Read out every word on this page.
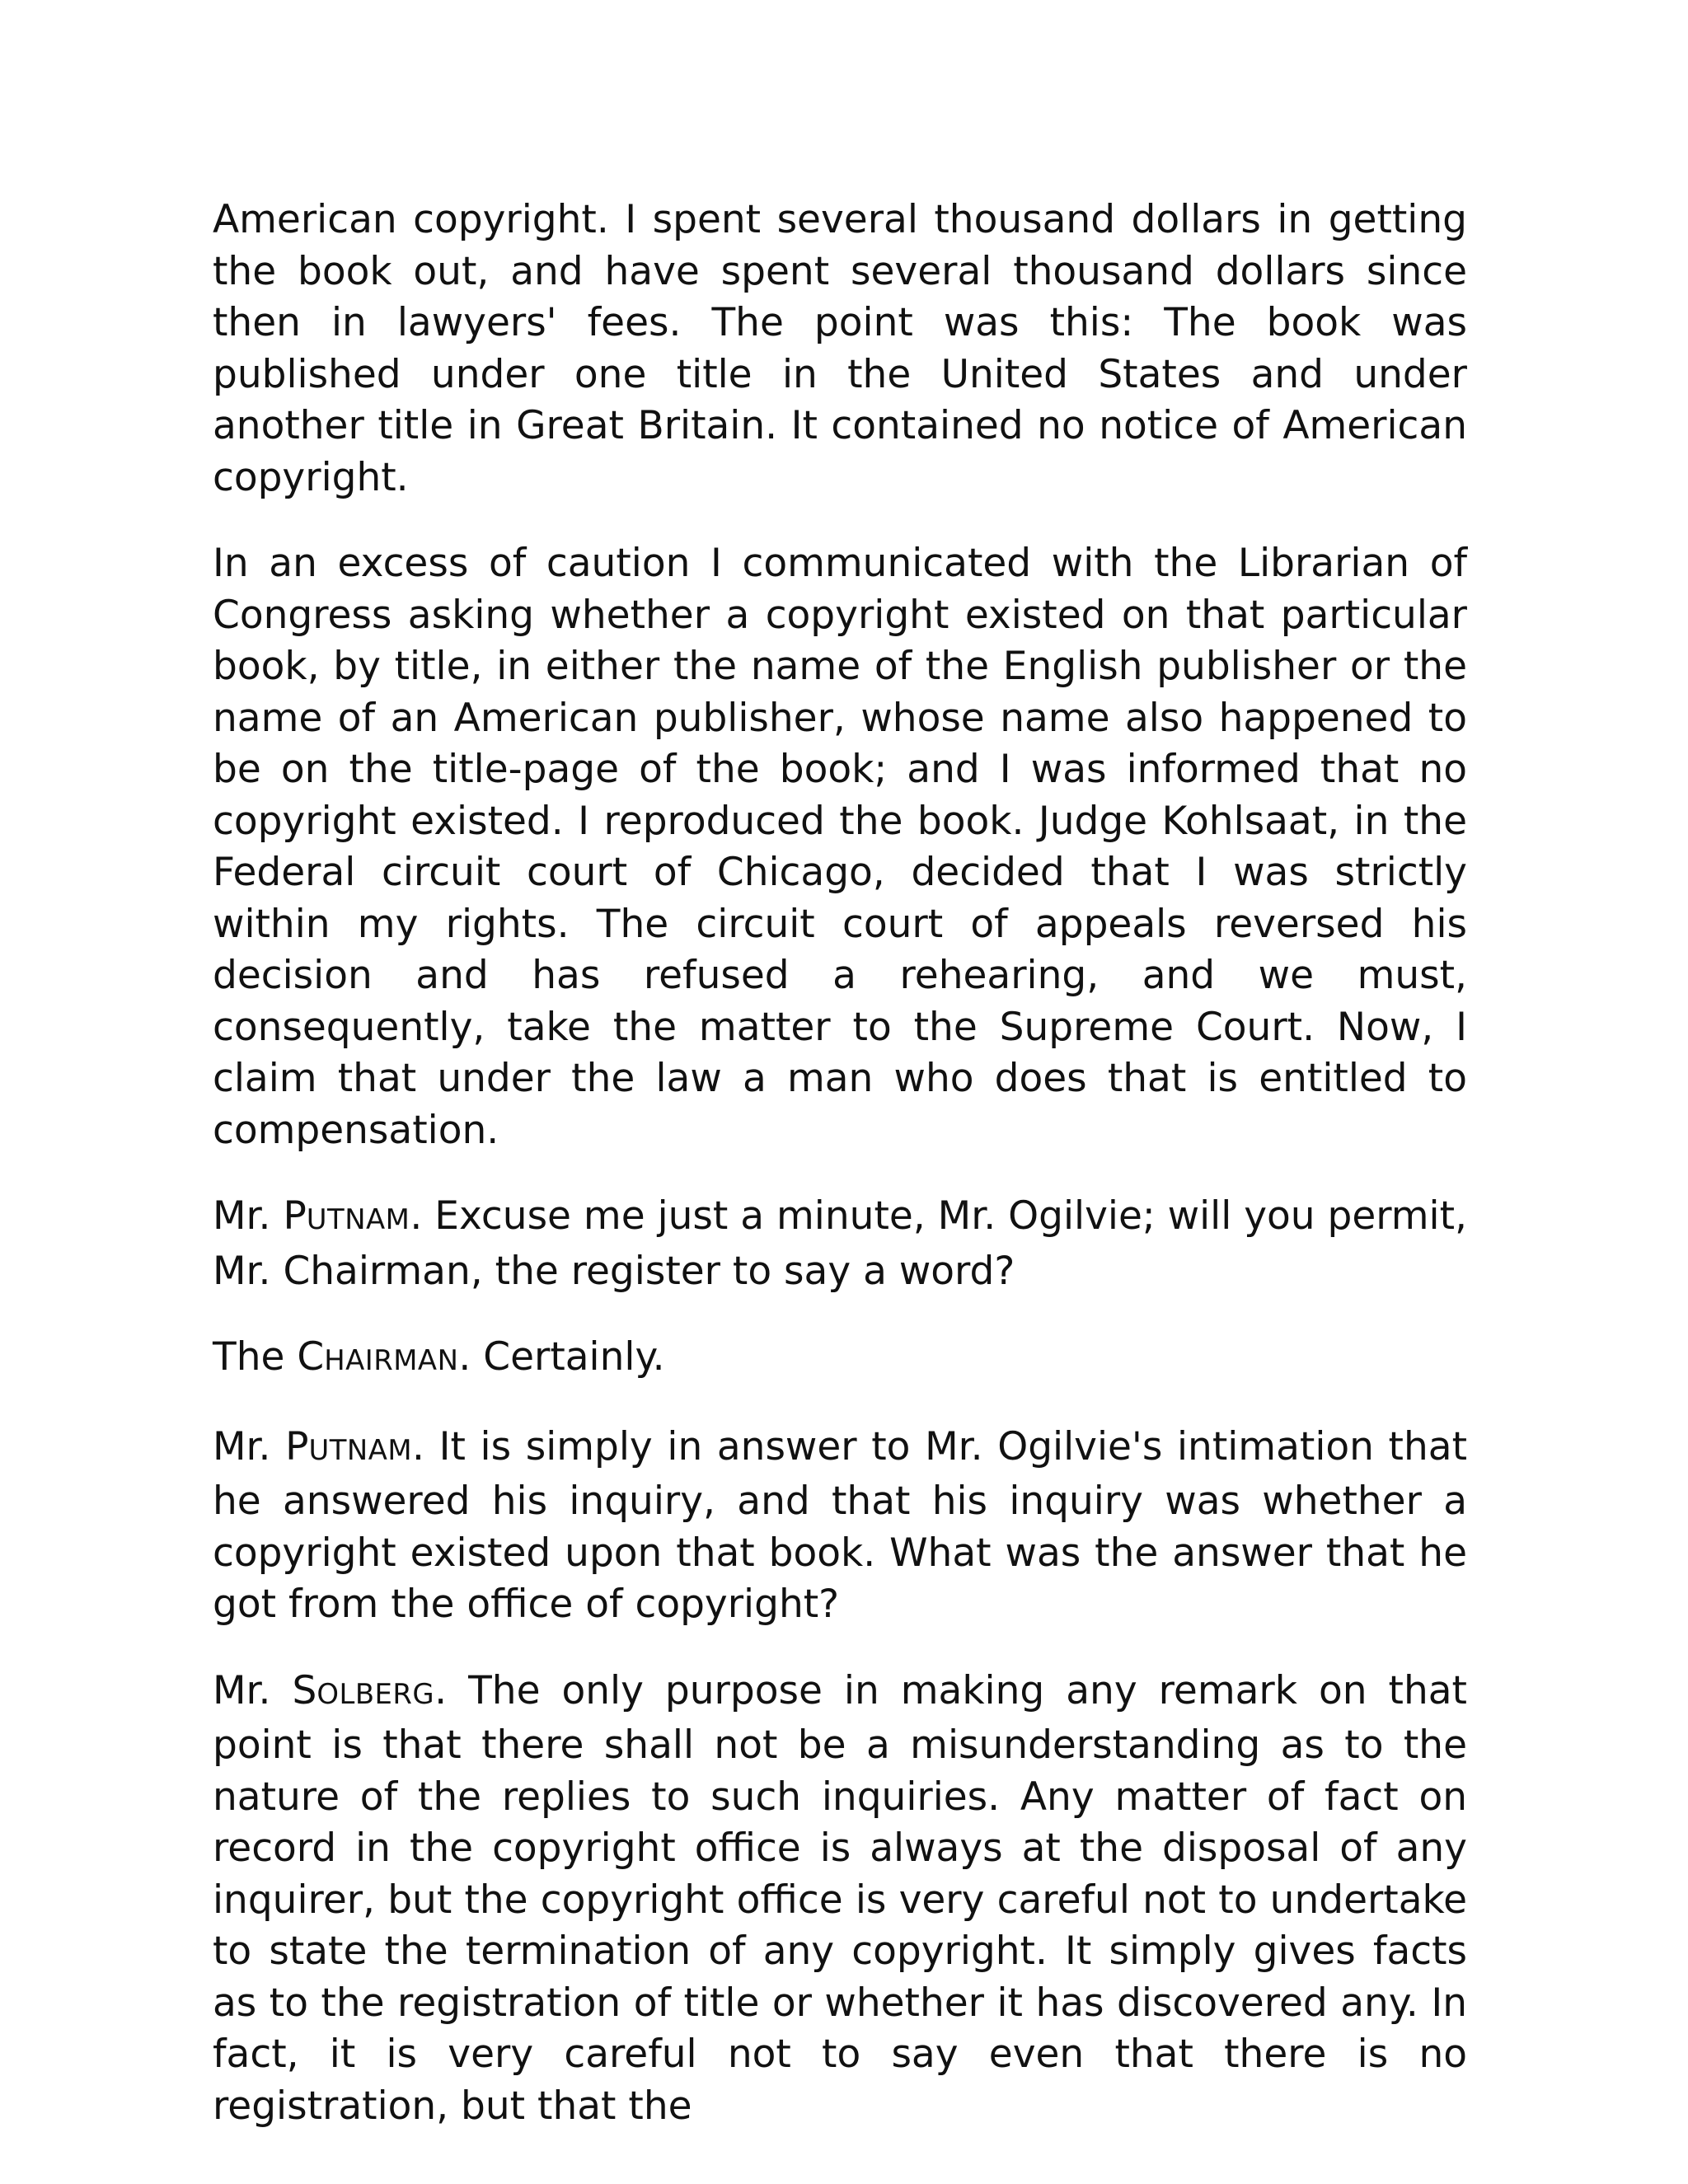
American copyright. I spent several thousand dollars in getting the book out, and have spent several thousand dollars since then in lawyers' fees. The point was this: The book was published under one title in the United States and under another title in Great Britain. It contained no notice of American copyright.

In an excess of caution I communicated with the Librarian of Congress asking whether a copyright existed on that particular book, by title, in either the name of the English publisher or the name of an American publisher, whose name also happened to be on the title-page of the book; and I was informed that no copyright existed. I reproduced the book. Judge Kohlsaat, in the Federal circuit court of Chicago, decided that I was strictly within my rights. The circuit court of appeals reversed his decision and has refused a rehearing, and we must, consequently, take the matter to the Supreme Court. Now, I claim that under the law a man who does that is entitled to compensation.

Mr. PUTNAM. Excuse me just a minute, Mr. Ogilvie; will you permit, Mr. Chairman, the register to say a word?

The CHAIRMAN. Certainly.

Mr. PUTNAM. It is simply in answer to Mr. Ogilvie's intimation that he answered his inquiry, and that his inquiry was whether a copyright existed upon that book. What was the answer that he got from the office of copyright?

Mr. SOLBERG. The only purpose in making any remark on that point is that there shall not be a misunderstanding as to the nature of the replies to such inquiries. Any matter of fact on record in the copyright office is always at the disposal of any inquirer, but the copyright office is very careful not to undertake to state the termination of any copyright. It simply gives facts as to the registration of title or whether it has discovered any. In fact, it is very careful not to say even that there is no registration, but that the
